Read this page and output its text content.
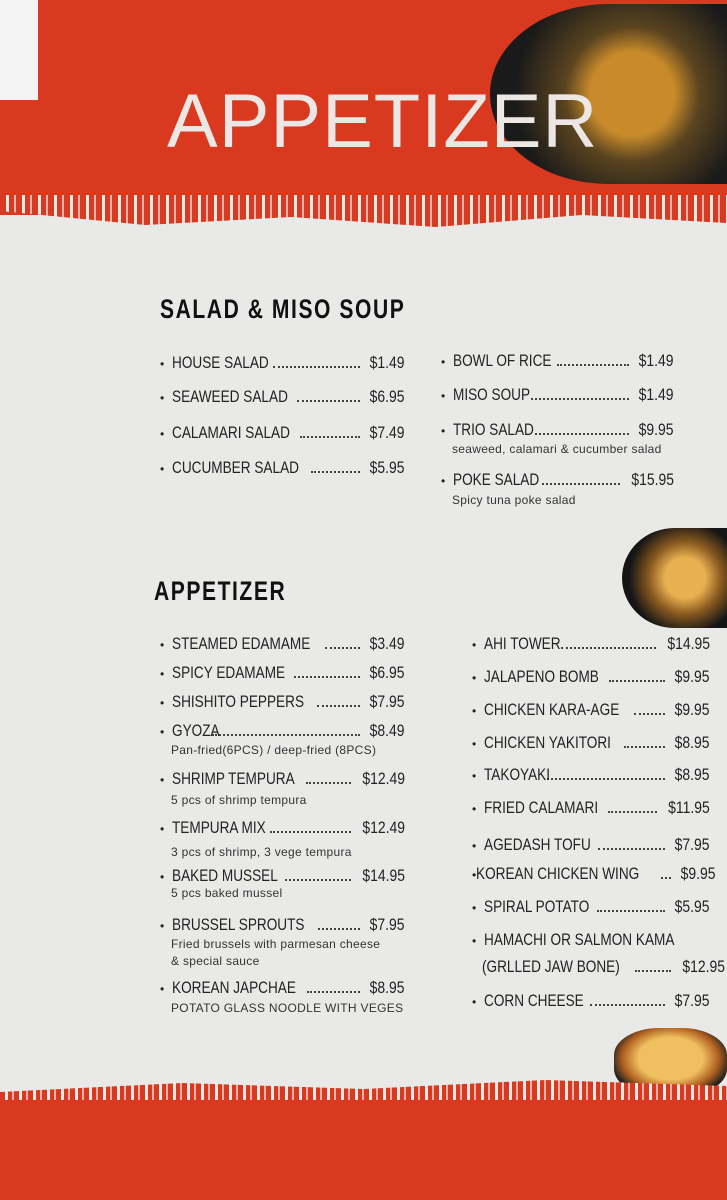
APPETIZER
SALAD & MISO SOUP
APPETIZER
• HOUSE SALAD	$1.49
• SEAWEED SALAD	$6.95
• CALAMARI SALAD	$7.49
• CUCUMBER SALAD	$5.95
• BOWL OF RICE	$1.49
• MISO SOUP	$1.49
• TRIO SALAD	$9.95
seaweed, calamari & cucumber salad
• POKE SALAD	$15.95
Spicy tuna poke salad
• STEAMED EDAMAME	$3.49
• SPICY EDAMAME	$6.95
• SHISHITO PEPPERS	$7.95
• GYOZA	$8.49
Pan-fried(6PCS) / deep-fried (8PCS)
• SHRIMP TEMPURA	$12.49
5 pcs of shrimp tempura
• TEMPURA MIX	$12.49
3 pcs of shrimp, 3 vege tempura
• BAKED MUSSEL	$14.95
5 pcs baked mussel
• BRUSSEL SPROUTS	$7.95
Fried brussels with parmesan cheese
& special sauce
• KOREAN JAPCHAE	$8.95
POTATO GLASS NOODLE WITH VEGES
• AHI TOWER	$14.95
• JALAPENO BOMB	$9.95
• CHICKEN KARA-AGE	$9.95
• CHICKEN YAKITORI	$8.95
• TAKOYAKI	$8.95
• FRIED CALAMARI	$11.95
• AGEDASH TOFU	$7.95
• KOREAN CHICKEN WING $9.95
• SPIRAL POTATO	$5.95
• HAMACHI OR SALMON KAMA
(GRLLED JAW BONE)	$12.95
• CORN CHEESE	$7.95
